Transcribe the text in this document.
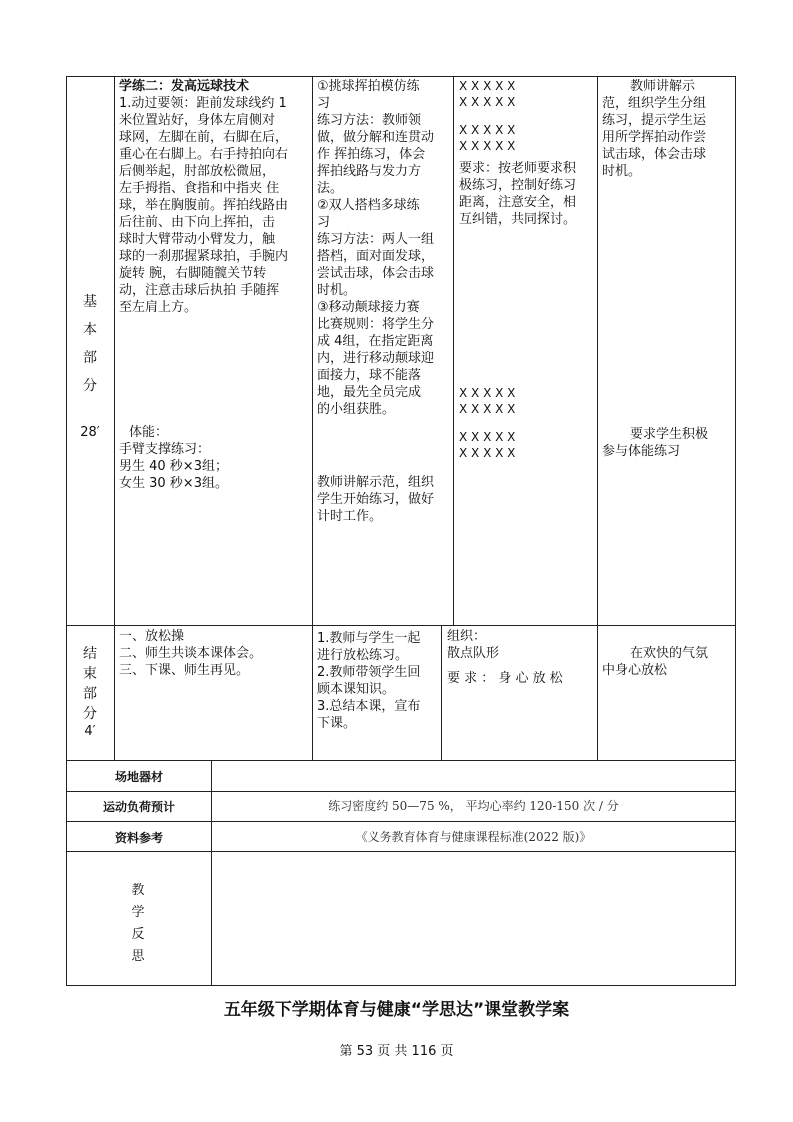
基
本
部
分
28′

学练二：发高远球技术

1.动过要领：距前发球线约 1

米位置站好，身体左肩侧对

球网，左脚在前，右脚在后，

重心在右脚上。右手持拍向右

后侧举起，肘部放松微屈，

左手拇指、食指和中指夹 住

球，举在胸腹前。挥拍线路由

后往前、由下向上挥拍，击

球时大臂带动小臂发力，触

球的一刹那握紧球拍，手腕内

旋转 腕，右脚随髋关节转

动，注意击球后执拍 手随挥

至左肩上方。

体能：

手臂支撑练习：

男生 40 秒×3组；

女生 30 秒×3组。

①挑球挥拍模仿练

习

练习方法：教师领

做，做分解和连贯动

作 挥拍练习，体会

挥拍线路与发力方

法。

②双人搭档多球练

习

练习方法：两人一组

搭档，面对面发球，

尝试击球，体会击球

时机。

③移动颠球接力赛

比赛规则：将学生分

成 4组，在指定距离

内，进行移动颠球迎

面接力，球不能落

地，最先全员完成

的小组获胜。

教师讲解示范，组织

学生开始练习，做好

计时工作。

X X X X X

X X X X X

X X X X X

X X X X X

要求：按老师要求积

极练习，控制好练习

距离，注意安全，相

互纠错，共同探讨。

X X X X X

X X X X X

X X X X X

X X X X X

教师讲解示

范，组织学生分组

练习，提示学生运

用所学挥拍动作尝

试击球，体会击球

时机。

要求学生积极

参与体能练习

结
束
部
分
4′

一、放松操

二、师生共谈本课体会。

三、下课、师生再见。

1.教师与学生一起

进行放松练习。

2.教师带领学生回

顾本课知识。

3.总结本课，宣布

下课。

组织：

散点队形

要 求 ： 身 心 放 松

在欢快的气氛

中身心放松

场地器材
运动负荷预计	练习密度约 50—75 %， 平均心率约 120-150 次 / 分
资料参考	《义务教育体育与健康课程标准(2022 版)》
教
学
反
思
五年级下学期体育与健康“学思达”课堂教学案
第 53 页 共 116 页
